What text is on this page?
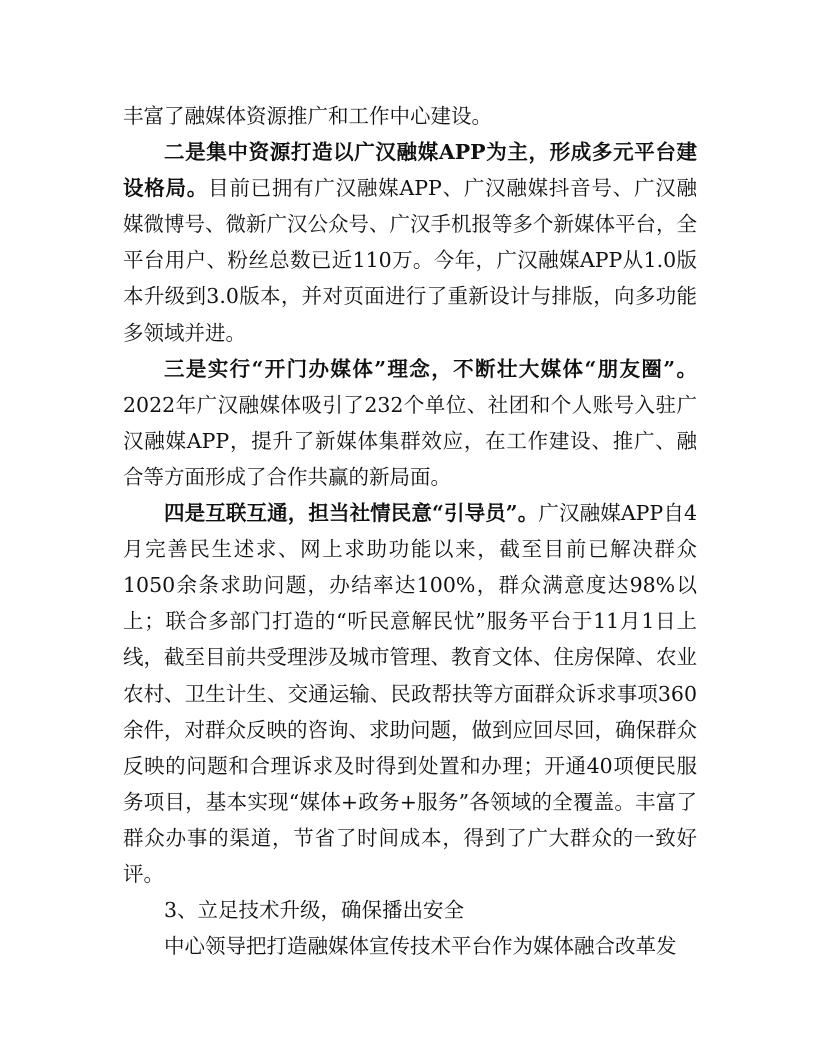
丰富了融媒体资源推广和工作中心建设。

二是集中资源打造以广汉融媒APP为主，形成多元平台建设格局。目前已拥有广汉融媒APP、广汉融媒抖音号、广汉融媒微博号、微新广汉公众号、广汉手机报等多个新媒体平台，全平台用户、粉丝总数已近110万。今年，广汉融媒APP从1.0版本升级到3.0版本，并对页面进行了重新设计与排版，向多功能多领域并进。

三是实行“开门办媒体”理念，不断壮大媒体“朋友圈”。2022年广汉融媒体吸引了232个单位、社团和个人账号入驻广汉融媒APP，提升了新媒体集群效应，在工作建设、推广、融合等方面形成了合作共赢的新局面。

四是互联互通，担当社情民意“引导员”。广汉融媒APP自4月完善民生述求、网上求助功能以来，截至目前已解决群众1050余条求助问题，办结率达100%，群众满意度达98%以上；联合多部门打造的“听民意解民忧”服务平台于11月1日上线，截至目前共受理涉及城市管理、教育文体、住房保障、农业农村、卫生计生、交通运输、民政帮扶等方面群众诉求事项360余件，对群众反映的咨询、求助问题，做到应回尽回，确保群众反映的问题和合理诉求及时得到处置和办理；开通40项便民服务项目，基本实现“媒体+政务+服务”各领域的全覆盖。丰富了群众办事的渠道，节省了时间成本，得到了广大群众的一致好评。

3、立足技术升级，确保播出安全

中心领导把打造融媒体宣传技术平台作为媒体融合改革发
